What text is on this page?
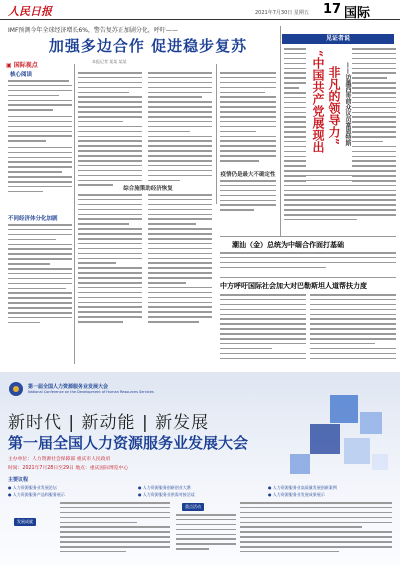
人民日报	2021年7月30日 星期五 17 国际
IMF预测今年全球经济增长6%，警告复苏正加剧分化，呼吁——
加强多边合作 促进稳步复苏
本报记者 某某 某某
▣ 国际视点
核心阅读
不同经济体分化加剧
综合施策助经济恢复
疫情仍是最大不确定性
见证者说
“中国共产党展现出 非凡的领导力” ——访墨西哥前众议员富恩特斯
潮汕（金）总统为中缅合作面打基础
中方呼吁国际社会加大对巴勒斯坦人道帮扶力度
第一届全国人力资源服务业发展大会
National Conference on the Development of Human Resources Services
新时代 | 新动能 | 新发展
第一届全国人力资源服务业发展大会
主办单位：人力资源社会保障部 重庆市人民政府
时间：2021年7月28日至29日 地点：重庆国际博览中心
主要议程
● 人力资源服务业发展论坛	● 人力资源服务创新创业大赛	● 人力资源服务业高质量发展创新案例
● 人力资源服务产品和服务展示	● 人力资源服务业供需对接洽谈	● 人力资源服务业发展成果展示
发展成就
重点活动
